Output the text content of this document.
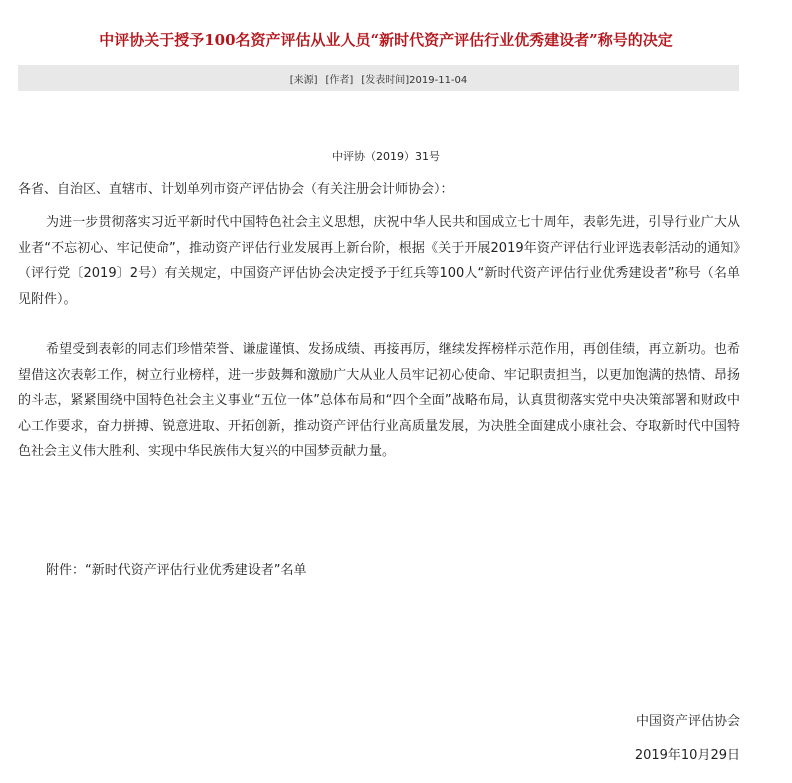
中评协关于授予100名资产评估从业人员“新时代资产评估行业优秀建设者”称号的决定
[来源] [作者] [发表时间]2019-11-04
中评协（2019）31号
各省、自治区、直辖市、计划单列市资产评估协会（有关注册会计师协会）：

为进一步贯彻落实习近平新时代中国特色社会主义思想，庆祝中华人民共和国成立七十周年，表彰先进，引导行业广大从业者“不忘初心、牢记使命”，推动资产评估行业发展再上新台阶，根据《关于开展2019年资产评估行业评选表彰活动的通知》（评行党〔2019〕2号）有关规定，中国资产评估协会决定授予于红兵等100人“新时代资产评估行业优秀建设者”称号（名单见附件）。

希望受到表彰的同志们珍惜荣誉、谦虚谨慎、发扬成绩、再接再厉，继续发挥榜样示范作用，再创佳绩，再立新功。也希望借这次表彰工作，树立行业榜样，进一步鼓舞和激励广大从业人员牢记初心使命、牢记职责担当，以更加饱满的热情、昂扬的斗志，紧紧围绕中国特色社会主义事业“五位一体”总体布局和“四个全面”战略布局，认真贯彻落实党中央决策部署和财政中心工作要求，奋力拼搏、锐意进取、开拓创新，推动资产评估行业高质量发展，为决胜全面建成小康社会、夺取新时代中国特色社会主义伟大胜利、实现中华民族伟大复兴的中国梦贡献力量。

附件：“新时代资产评估行业优秀建设者”名单
中国资产评估协会
2019年10月29日
